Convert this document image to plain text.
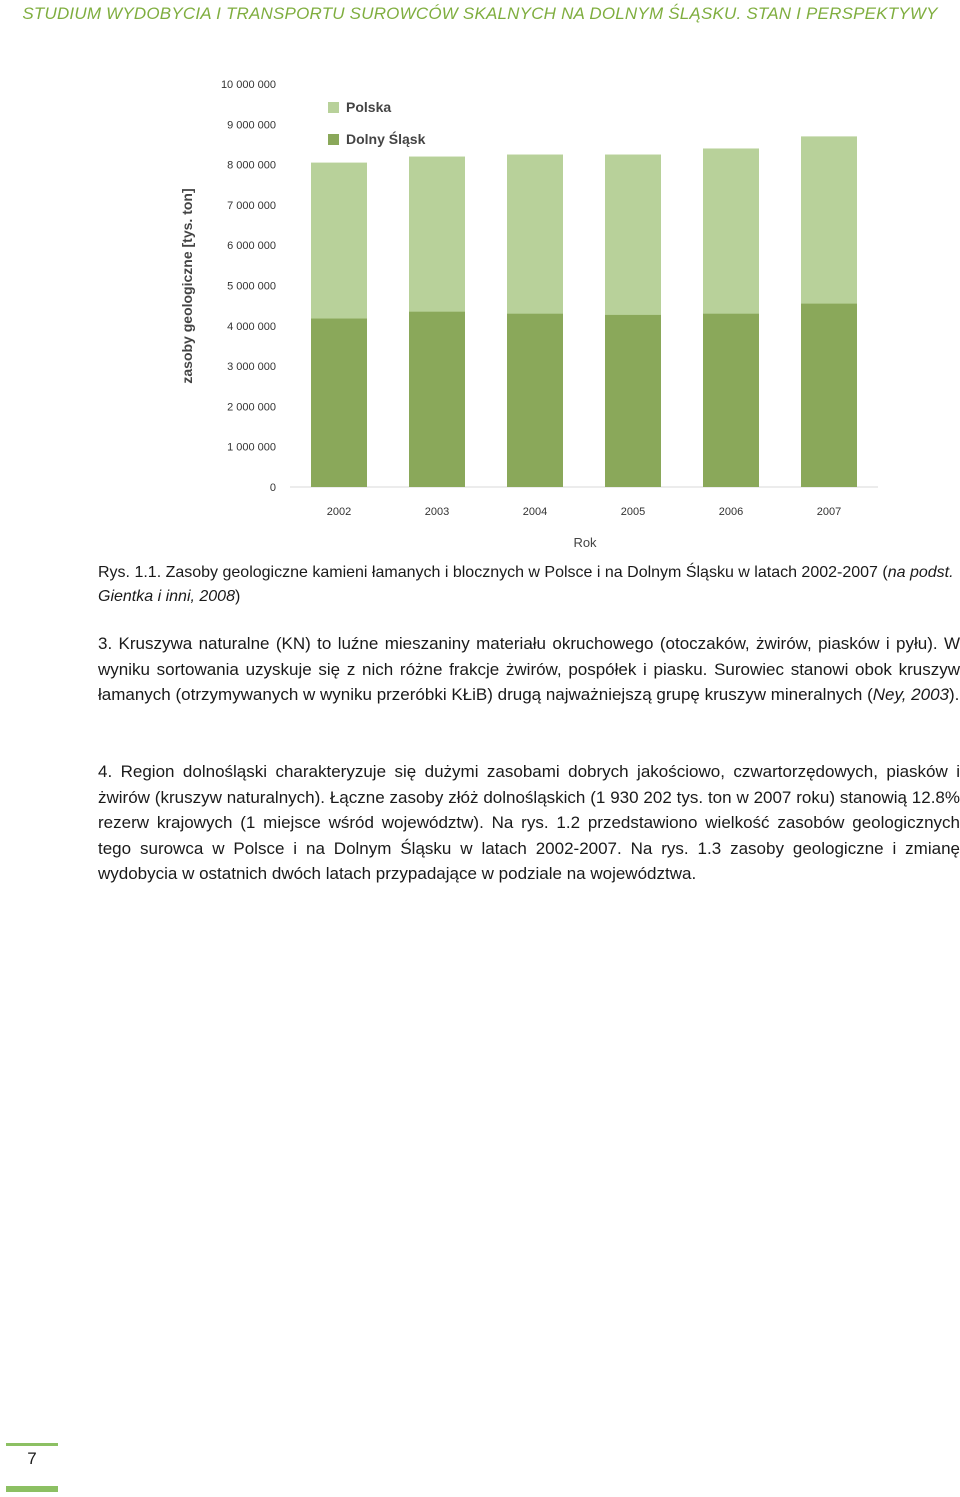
STUDIUM WYDOBYCIA I TRANSPORTU SUROWCÓW SKALNYCH NA DOLNYM ŚLĄSKU. STAN I PERSPEKTYWY
0
1 000 000
2 000 000
3 000 000
4 000 000
5 000 000
6 000 000
7 000 000
8 000 000
9 000 000
10 000 000
zasoby geologiczne [tys. ton]
2002	2003	2004	2005	2006	2007
Rok
Polska
Dolny Śląsk
Rys. 1.1. Zasoby geologiczne kamieni łamanych i blocznych w Polsce i na Dolnym Śląsku w latach 2002-2007 (na podst. Gientka i inni, 2008)
3. Kruszywa naturalne (KN) to luźne mieszaniny materiału okruchowego (otoczaków, żwirów, piasków i pyłu). W wyniku sortowania uzyskuje się z nich różne frakcje żwirów, pospółek i piasku. Surowiec stanowi obok kruszyw łamanych (otrzymywanych w wyniku przeróbki KŁiB) drugą najważniejszą grupę kruszyw mineralnych (Ney, 2003).
4. Region dolnośląski charakteryzuje się dużymi zasobami dobrych jakościowo, czwartorzędowych, piasków i żwirów (kruszyw naturalnych). Łączne zasoby złóż dolnośląskich (1 930 202 tys. ton w 2007 roku) stanowią 12.8% rezerw krajowych (1 miejsce wśród województw). Na rys. 1.2 przedstawiono wielkość zasobów geologicznych tego surowca w Polsce i na Dolnym Śląsku w latach 2002-2007. Na rys. 1.3 zasoby geologiczne i zmianę wydobycia w ostatnich dwóch latach przypadające w podziale na województwa.
7
